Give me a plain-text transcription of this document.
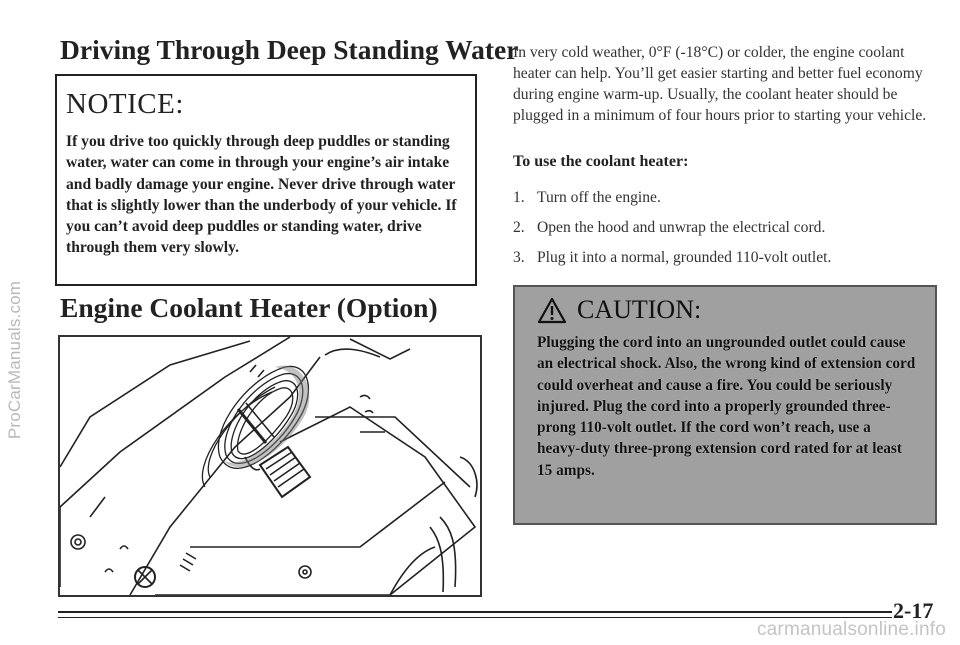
ProCarManuals.com
Driving Through Deep Standing Water
NOTICE:
If you drive too quickly through deep puddles or standing water, water can come in through your engine’s air intake and badly damage your engine. Never drive through water that is slightly lower than the underbody of your vehicle. If you can’t avoid deep puddles or standing water, drive through them very slowly.
Engine Coolant Heater (Option)
In very cold weather, 0°F (-18°C) or colder, the engine coolant heater can help. You’ll get easier starting and better fuel economy during engine warm-up. Usually, the coolant heater should be plugged in a minimum of four hours prior to starting your vehicle.
To use the coolant heater:
1. Turn off the engine.
2. Open the hood and unwrap the electrical cord.
3. Plug it into a normal, grounded 110-volt outlet.
CAUTION:
Plugging the cord into an ungrounded outlet could cause an electrical shock. Also, the wrong kind of extension cord could overheat and cause a fire. You could be seriously injured. Plug the cord into a properly grounded three-prong 110-volt outlet. If the cord won’t reach, use a heavy-duty three-prong extension cord rated for at least 15 amps.
2-17
carmanualsonline.info
